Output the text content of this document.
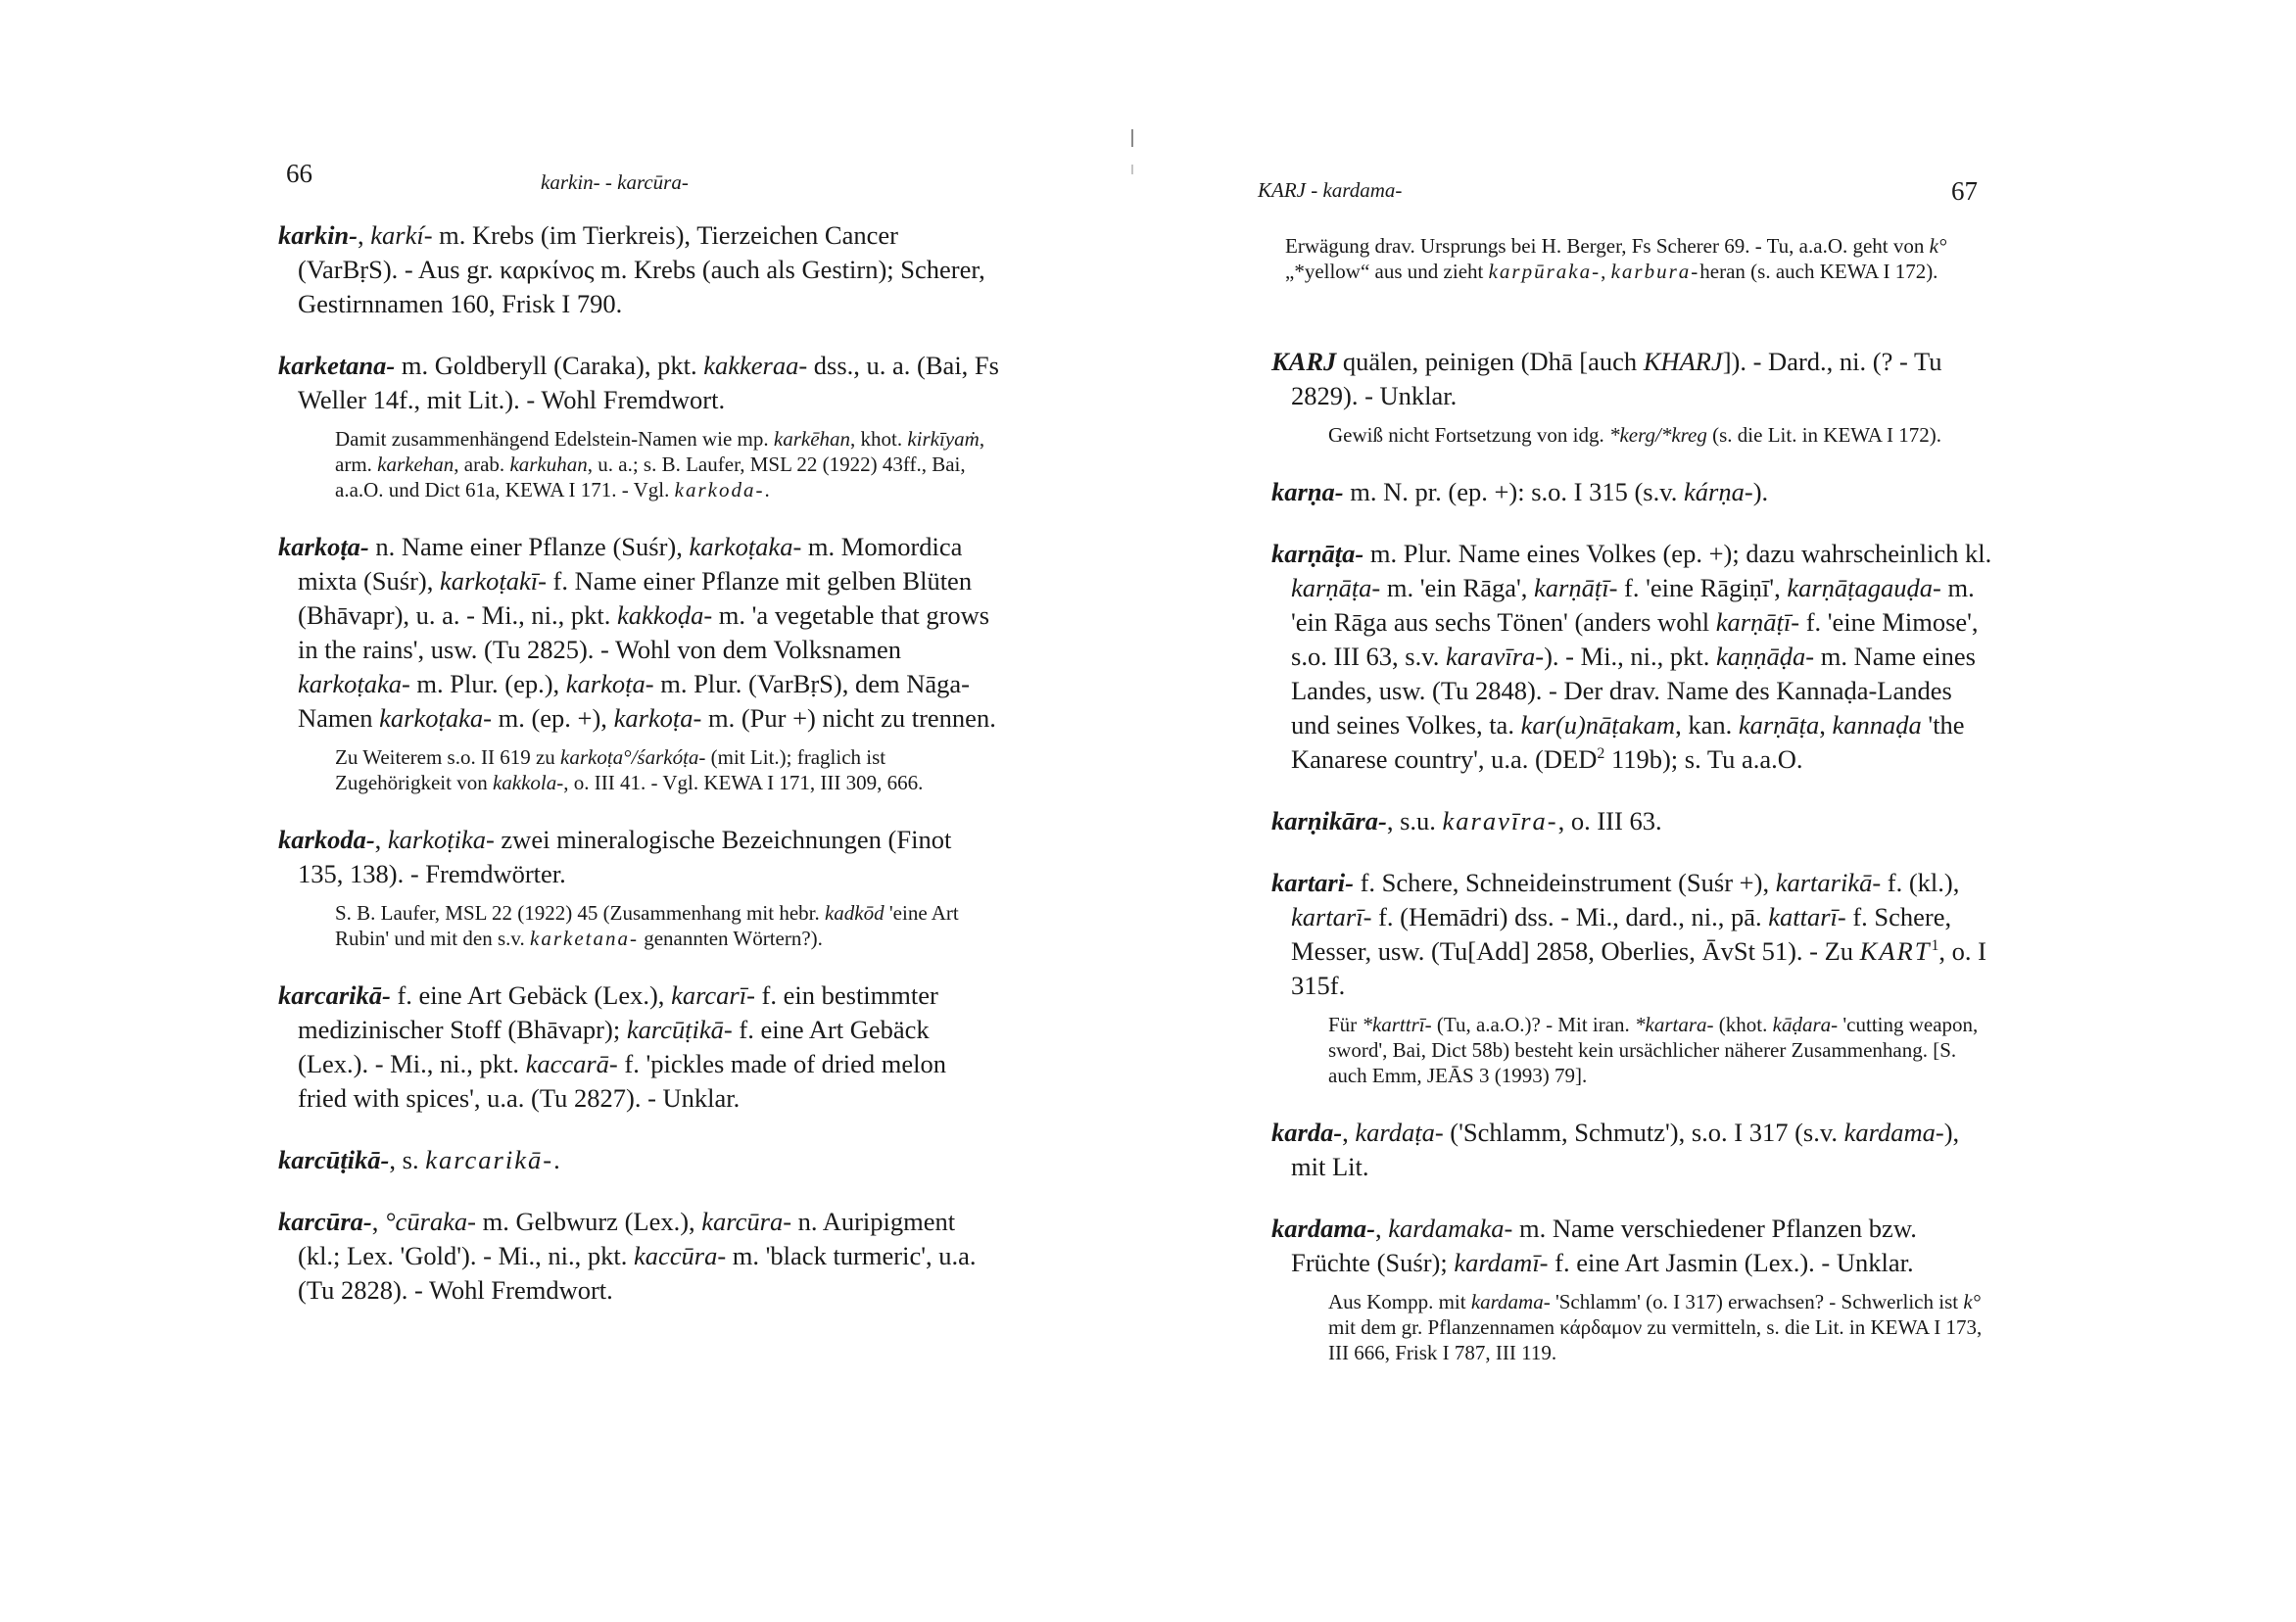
66	karkin- - karcūra-
karkin-, karkí- m. Krebs (im Tierkreis), Tierzeichen Cancer (VarBṛS). - Aus gr. καρκίνος m. Krebs (auch als Gestirn); Scherer, Gestirnnamen 160, Frisk I 790.
karketana- m. Goldberyll (Caraka), pkt. kakkeraa- dss., u. a. (Bai, Fs Weller 14f., mit Lit.). - Wohl Fremdwort.
Damit zusammenhängend Edelstein-Namen wie mp. karkēhan, khot. kirkīyaṁ, arm. karkehan, arab. karkuhan, u. a.; s. B. Laufer, MSL 22 (1922) 43ff., Bai, a.a.O. und Dict 61a, KEWA I 171. - Vgl. karkoda-.
karkoṭa- n. Name einer Pflanze (Suśr), karkoṭaka- m. Momordica mixta (Suśr), karkoṭakī- f. Name einer Pflanze mit gelben Blüten (Bhāvapr), u. a. - Mi., ni., pkt. kakkoḍa- m. 'a vegetable that grows in the rains', usw. (Tu 2825). - Wohl von dem Volksnamen karkoṭaka- m. Plur. (ep.), karkoṭa- m. Plur. (VarBṛS), dem Nāga-Namen karkoṭaka- m. (ep. +), karkoṭa- m. (Pur +) nicht zu trennen.
Zu Weiterem s.o. II 619 zu karkoṭa°/śarkóṭa- (mit Lit.); fraglich ist Zugehörigkeit von kakkola-, o. III 41. - Vgl. KEWA I 171, III 309, 666.
karkoda-, karkoṭika- zwei mineralogische Bezeichnungen (Finot 135, 138). - Fremdwörter.
S. B. Laufer, MSL 22 (1922) 45 (Zusammenhang mit hebr. kadkōd 'eine Art Rubin' und mit den s.v. karketana- genannten Wörtern?).
karcarikā- f. eine Art Gebäck (Lex.), karcarī- f. ein bestimmter medizinischer Stoff (Bhāvapr); karcūṭikā- f. eine Art Gebäck (Lex.). - Mi., ni., pkt. kaccarā- f. 'pickles made of dried melon fried with spices', u.a. (Tu 2827). - Unklar.
karcūṭikā-, s. karcarikā-.
karcūra-, °cūraka- m. Gelbwurz (Lex.), karcūra- n. Auripigment (kl.; Lex. 'Gold'). - Mi., ni., pkt. kaccūra- m. 'black turmeric', u.a. (Tu 2828). - Wohl Fremdwort.
KARJ - kardama-	67
Erwägung drav. Ursprungs bei H. Berger, Fs Scherer 69. - Tu, a.a.O. geht von k° „*yellow“ aus und zieht karpūraka-, karbura-heran (s. auch KEWA I 172).
KARJ quälen, peinigen (Dhā [auch KHARJ]). - Dard., ni. (? - Tu 2829). - Unklar.
Gewiß nicht Fortsetzung von idg. *kerg/*kreg (s. die Lit. in KEWA I 172).
karṇa- m. N. pr. (ep. +): s.o. I 315 (s.v. kárṇa-).
karṇāṭa- m. Plur. Name eines Volkes (ep. +); dazu wahrscheinlich kl. karṇāṭa- m. 'ein Rāga', karṇāṭī- f. 'eine Rāgiṇī', karṇāṭagauḍa- m. 'ein Rāga aus sechs Tönen' (anders wohl karṇāṭī- f. 'eine Mimose', s.o. III 63, s.v. karavīra-). - Mi., ni., pkt. kaṇṇāḍa- m. Name eines Landes, usw. (Tu 2848). - Der drav. Name des Kannaḍa-Landes und seines Volkes, ta. kar(u)nāṭakam, kan. karṇāṭa, kannaḍa 'the Kanarese country', u.a. (DED$^2$ 119b); s. Tu a.a.O.
karṇikāra-, s.u. karavīra-, o. III 63.
kartari- f. Schere, Schneideinstrument (Suśr +), kartarikā- f. (kl.), kartarī- f. (Hemādri) dss. - Mi., dard., ni., pā. kattarī- f. Schere, Messer, usw. (Tu[Add] 2858, Oberlies, ĀvSt 51). - Zu KART$^1$, o. I 315f.
Für *karttrī- (Tu, a.a.O.)? - Mit iran. *kartara- (khot. kāḍara- 'cutting weapon, sword', Bai, Dict 58b) besteht kein ursächlicher näherer Zusammenhang. [S. auch Emm, JEĀS 3 (1993) 79].
karda-, kardaṭa- ('Schlamm, Schmutz'), s.o. I 317 (s.v. kardama-), mit Lit.
kardama-, kardamaka- m. Name verschiedener Pflanzen bzw. Früchte (Suśr); kardamī- f. eine Art Jasmin (Lex.). - Unklar.
Aus Kompp. mit kardama- 'Schlamm' (o. I 317) erwachsen? - Schwerlich ist k° mit dem gr. Pflanzennamen κάρδαμον zu vermitteln, s. die Lit. in KEWA I 173, III 666, Frisk I 787, III 119.
